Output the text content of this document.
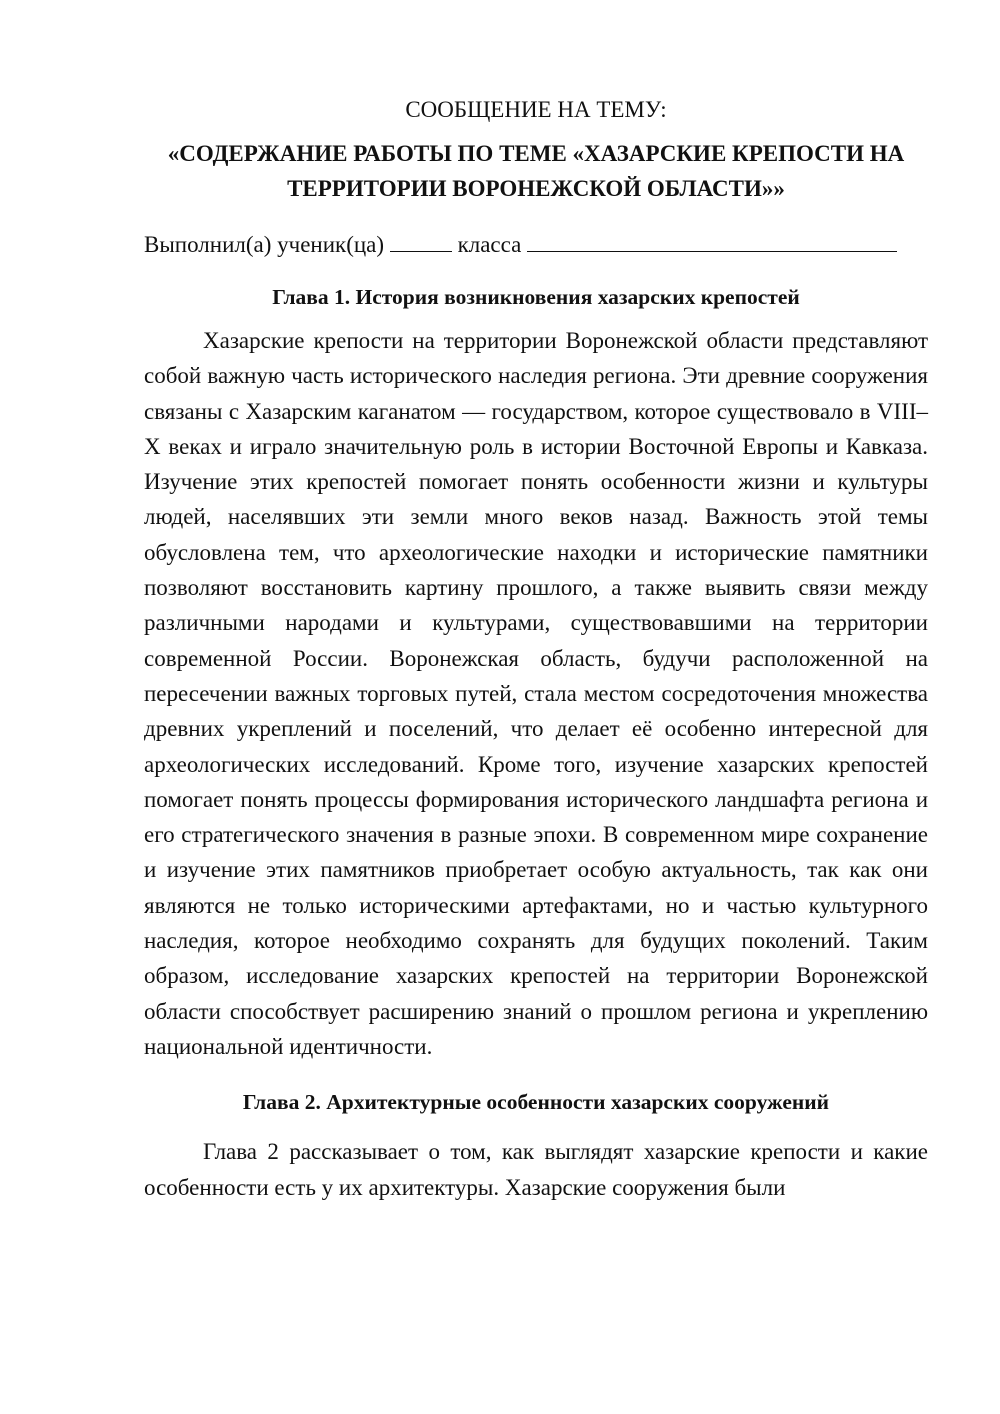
СООБЩЕНИЕ НА ТЕМУ:

«СОДЕРЖАНИЕ РАБОТЫ ПО ТЕМЕ «ХАЗАРСКИЕ КРЕПОСТИ НА ТЕРРИТОРИИ ВОРОНЕЖСКОЙ ОБЛАСТИ»»

Выполнил(а) ученик(ца)	класса

Глава 1. История возникновения хазарских крепостей

Хазарские крепости на территории Воронежской области представляют собой важную часть исторического наследия региона. Эти древние сооружения связаны с Хазарским каганатом — государством, которое существовало в VIII–X веках и играло значительную роль в истории Восточной Европы и Кавказа. Изучение этих крепостей помогает понять особенности жизни и культуры людей, населявших эти земли много веков назад. Важность этой темы обусловлена тем, что археологические находки и исторические памятники позволяют восстановить картину прошлого, а также выявить связи между различными народами и культурами, существовавшими на территории современной России. Воронежская область, будучи расположенной на пересечении важных торговых путей, стала местом сосредоточения множества древних укреплений и поселений, что делает её особенно интересной для археологических исследований. Кроме того, изучение хазарских крепостей помогает понять процессы формирования исторического ландшафта региона и его стратегического значения в разные эпохи. В современном мире сохранение и изучение этих памятников приобретает особую актуальность, так как они являются не только историческими артефактами, но и частью культурного наследия, которое необходимо сохранять для будущих поколений. Таким образом, исследование хазарских крепостей на территории Воронежской области способствует расширению знаний о прошлом региона и укреплению национальной идентичности.

Глава 2. Архитектурные особенности хазарских сооружений

Глава 2 рассказывает о том, как выглядят хазарские крепости и какие особенности есть у их архитектуры. Хазарские сооружения были
